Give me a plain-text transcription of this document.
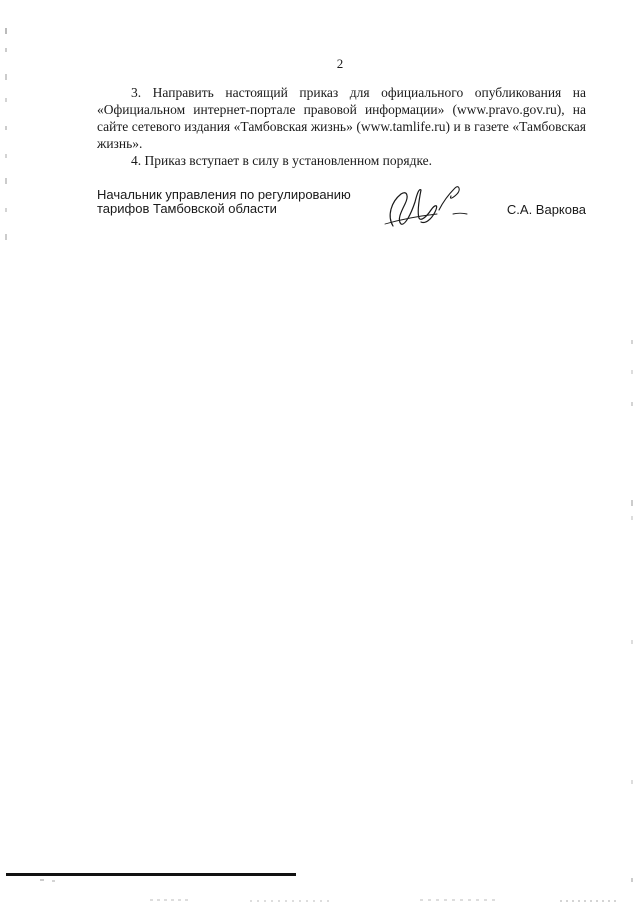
2

3. Направить настоящий приказ для официального опубликования на «Официальном интернет-портале правовой информации» (www.pravo.gov.ru), на сайте сетевого издания «Тамбовская жизнь» (www.tamlife.ru) и в газете «Тамбовская жизнь».

4. Приказ вступает в силу в установленном порядке.

Начальник управления по регулированию
тарифов Тамбовской области	С.А. Варкова
